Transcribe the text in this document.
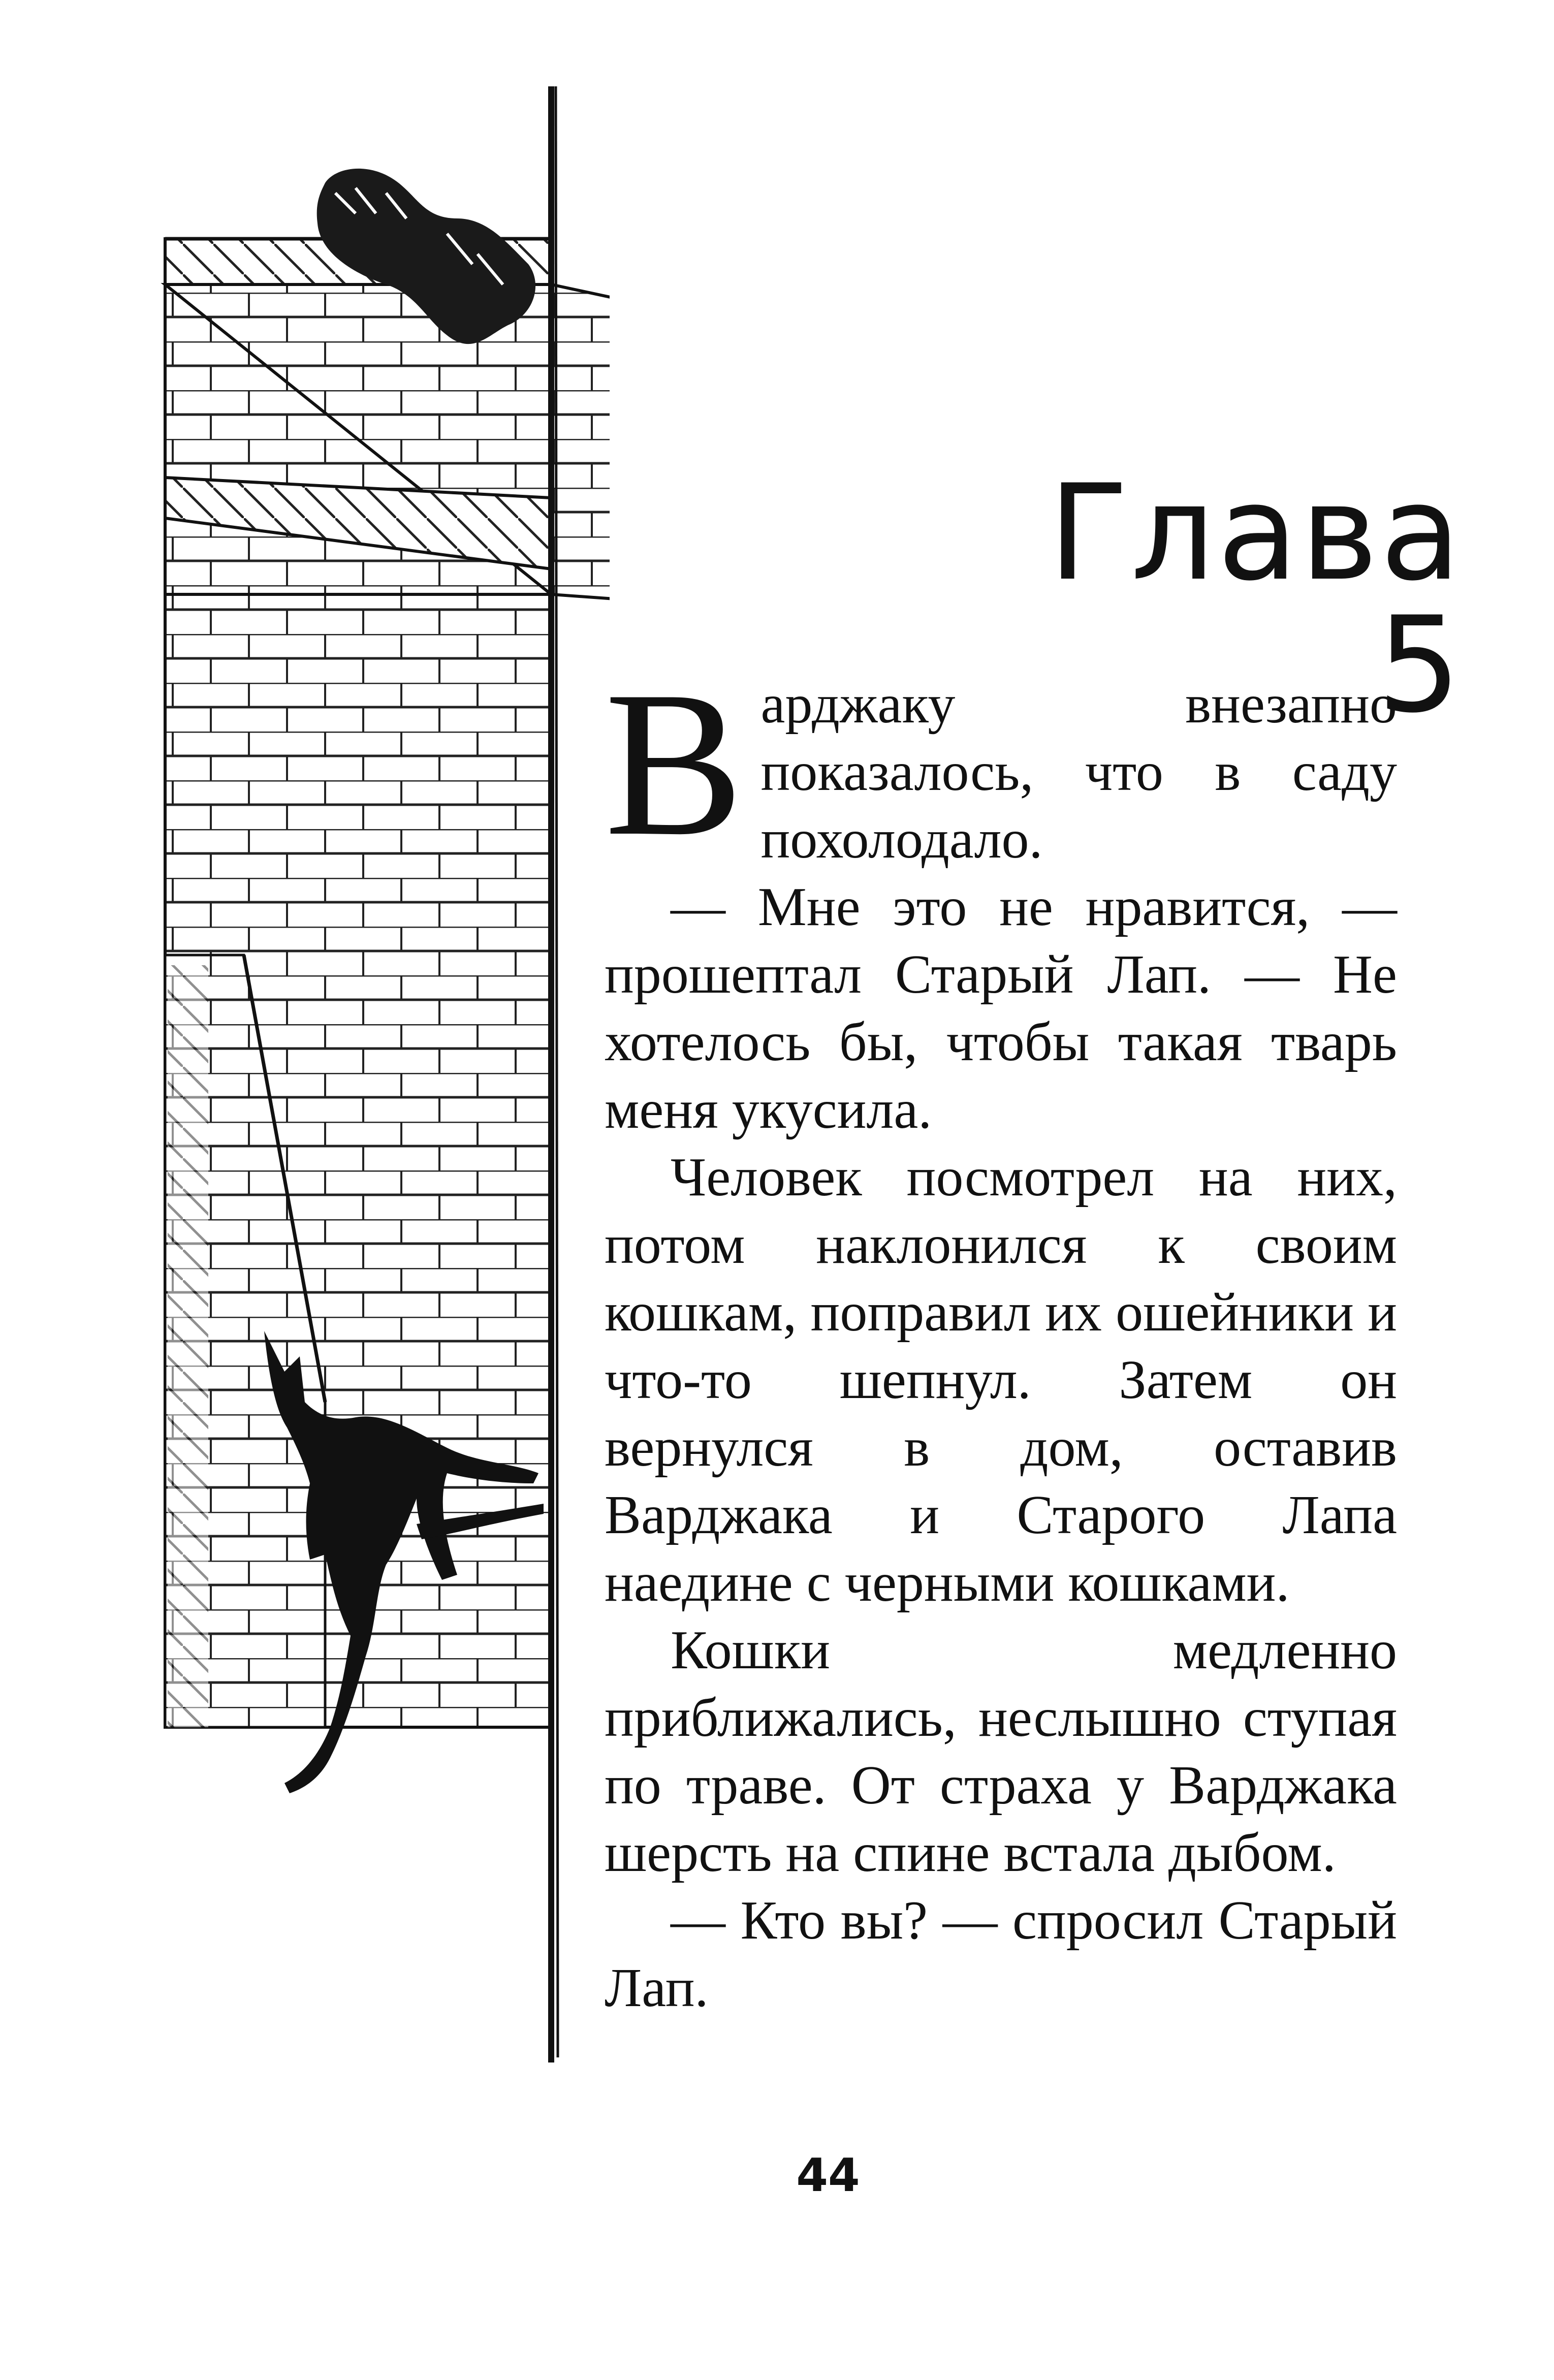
Глава 5

Варджаку внезапно показалось, что в саду похолодало.

— Мне это не нравится, — прошептал Старый Лап. — Не хотелось бы, чтобы такая тварь меня укусила.

Человек посмотрел на них, потом наклонился к своим кошкам, поправил их ошейники и что-то шепнул. Затем он вернулся в дом, оставив Варджака и Старого Лапа наедине с черными кошками.

Кошки медленно приближались, неслышно ступая по траве. От страха у Варджака шерсть на спине встала дыбом.

— Кто вы? — спросил Старый Лап.

44
